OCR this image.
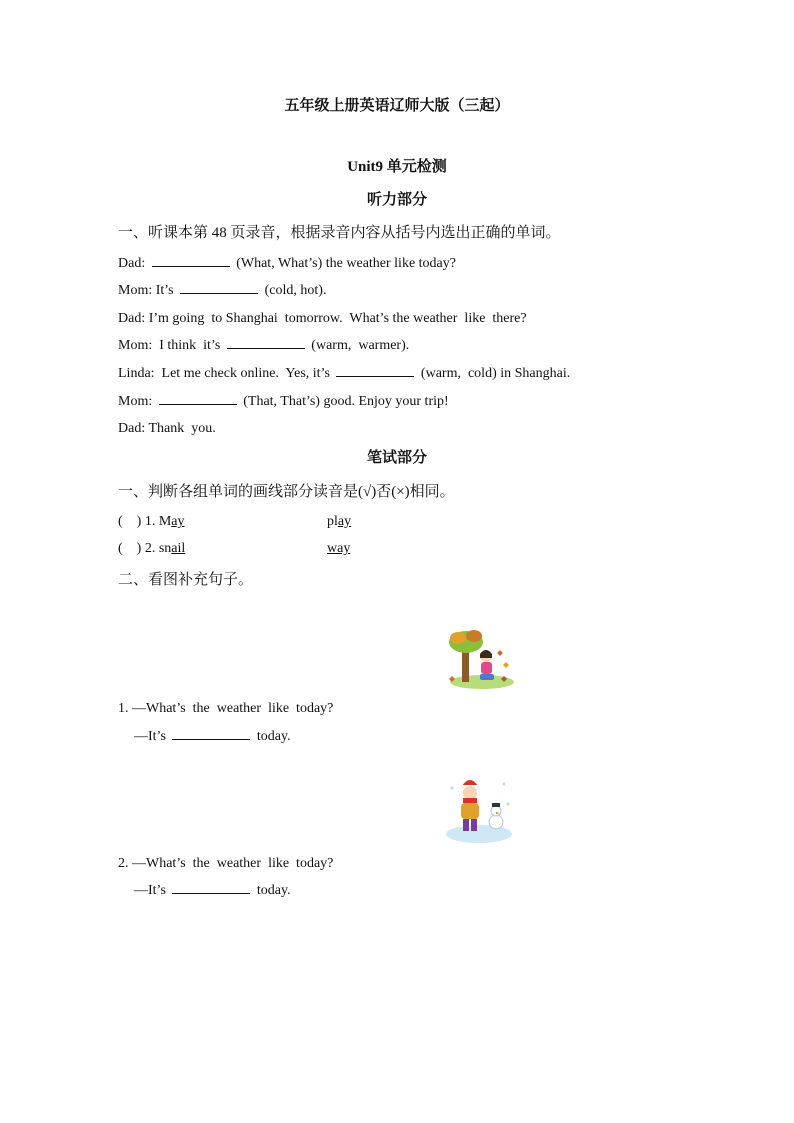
五年级上册英语辽师大版（三起）
Unit9 单元检测
听力部分
一、听课本第 48 页录音，根据录音内容从括号内选出正确的单词。
Dad:	(What, What’s) the weather like today?
Mom: It’s	(cold, hot).
Dad: I’m going  to Shanghai  tomorrow.  What’s the weather  like  there?
Mom:  I think  it’s	(warm,  warmer).
Linda:  Let me check online.  Yes, it’s	(warm,  cold) in Shanghai.
Mom:	(That, That’s) good. Enjoy your trip!
Dad: Thank  you.
笔试部分
一、判断各组单词的画线部分读音是(√)否(×)相同。
(    ) 1. May	play
(    ) 2. snail	way
二、看图补充句子。
1. —What’s  the  weather  like  today?
—It’s	today.
2. —What’s  the  weather  like  today?
—It’s	today.
